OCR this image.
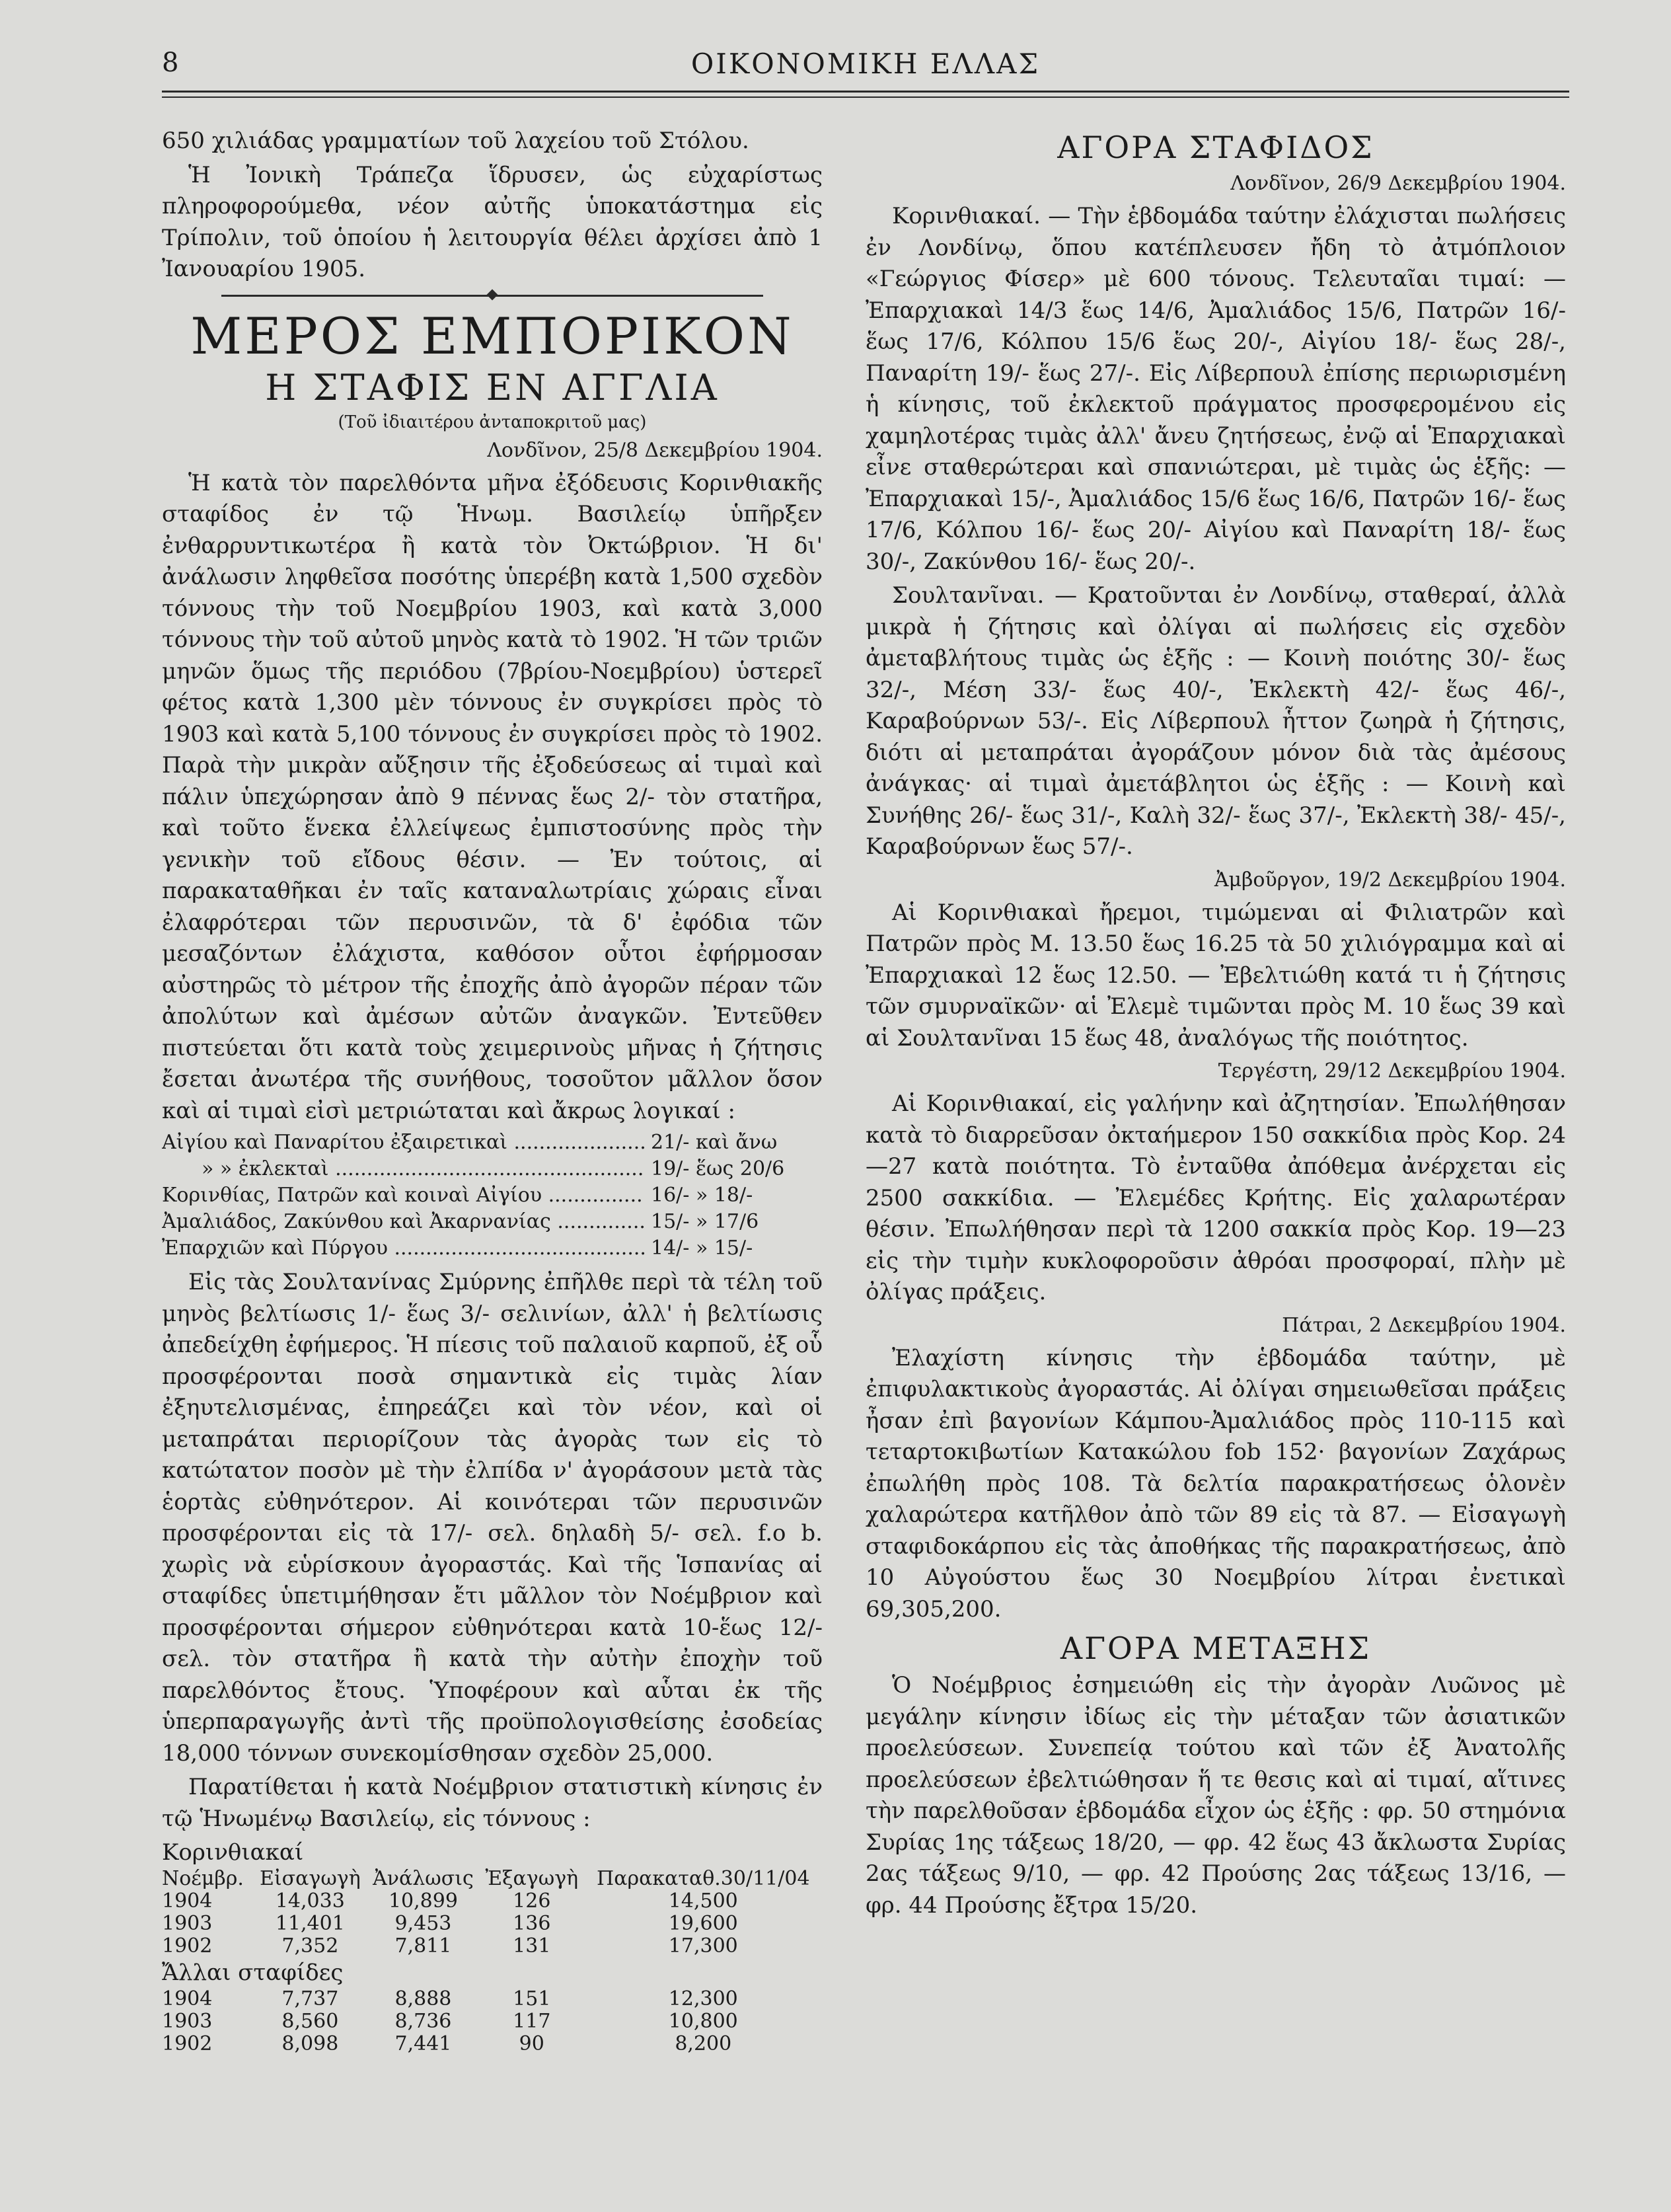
8	ΟΙΚΟΝΟΜΙΚΗ ΕΛΛΑΣ

650 χιλιάδας γραμματίων τοῦ λαχείου τοῦ Στόλου.

Ἡ Ἰονικὴ Τράπεζα ἵδρυσεν, ὡς εὐχαρίστως πληροφορούμεθα, νέον αὐτῆς ὑποκατάστημα εἰς Τρίπολιν, τοῦ ὁποίου ἡ λειτουργία θέλει ἀρχίσει ἀπὸ 1 Ἰανουαρίου 1905.

ΜΕΡΟΣ ΕΜΠΟΡΙΚΟΝ
Η ΣΤΑΦΙΣ ΕΝ ΑΓΓΛΙΑ
(Τοῦ ἰδιαιτέρου ἀνταποκριτοῦ μας)
Λονδῖνον, 25/8 Δεκεμβρίου 1904.

Ἡ κατὰ τὸν παρελθόντα μῆνα ἐξόδευσις Κορινθιακῆς σταφίδος ἐν τῷ Ἡνωμ. Βασιλείῳ ὑπῆρξεν ἐνθαρρυντικωτέρα ἢ κατὰ τὸν Ὀκτώβριον. Ἡ δι' ἀνάλωσιν ληφθεῖσα ποσότης ὑπερέβη κατὰ 1,500 σχεδὸν τόννους τὴν τοῦ Νοεμβρίου 1903, καὶ κατὰ 3,000 τόννους τὴν τοῦ αὐτοῦ μηνὸς κατὰ τὸ 1902. Ἡ τῶν τριῶν μηνῶν ὅμως τῆς περιόδου (7βρίου-Νοεμβρίου) ὑστερεῖ φέτος κατὰ 1,300 μὲν τόννους ἐν συγκρίσει πρὸς τὸ 1903 καὶ κατὰ 5,100 τόννους ἐν συγκρίσει πρὸς τὸ 1902. Παρὰ τὴν μικρὰν αὔξησιν τῆς ἐξοδεύσεως αἱ τιμαὶ καὶ πάλιν ὑπεχώρησαν ἀπὸ 9 πέννας ἕως 2/- τὸν στατῆρα, καὶ τοῦτο ἕνεκα ἐλλείψεως ἐμπιστοσύνης πρὸς τὴν γενικὴν τοῦ εἴδους θέσιν. — Ἐν τούτοις, αἱ παρακαταθῆκαι ἐν ταῖς καταναλωτρίαις χώραις εἶναι ἐλαφρότεραι τῶν περυσινῶν, τὰ δ' ἐφόδια τῶν μεσαζόντων ἐλάχιστα, καθόσον οὗτοι ἐφήρμοσαν αὐστηρῶς τὸ μέτρον τῆς ἐποχῆς ἀπὸ ἀγορῶν πέραν τῶν ἀπολύτων καὶ ἀμέσων αὐτῶν ἀναγκῶν. Ἐντεῦθεν πιστεύεται ὅτι κατὰ τοὺς χειμερινοὺς μῆνας ἡ ζήτησις ἔσεται ἀνωτέρα τῆς συνήθους, τοσοῦτον μᾶλλον ὅσον καὶ αἱ τιμαὶ εἰσὶ μετριώταται καὶ ἄκρως λογικαί :

Αἰγίου καὶ Παναρίτου ἐξαιρετικαὶ .....	21/- καὶ ἄνω
» » ἐκλεκταὶ .....	19/- ἕως 20/6
Κορινθίας, Πατρῶν καὶ κοιναὶ Αἰγίου .....	16/- » 18/-
Ἀμαλιάδος, Ζακύνθου καὶ Ἀκαρνανίας .....	15/- » 17/6
Ἐπαρχιῶν καὶ Πύργου .....	14/- » 15/-

Εἰς τὰς Σουλτανίνας Σμύρνης ἐπῆλθε περὶ τὰ τέλη τοῦ μηνὸς βελτίωσις 1/- ἕως 3/- σελινίων, ἀλλ' ἡ βελτίωσις ἀπεδείχθη ἐφήμερος. Ἡ πίεσις τοῦ παλαιοῦ καρποῦ, ἐξ οὗ προσφέρονται ποσὰ σημαντικὰ εἰς τιμὰς λίαν ἐξηυτελισμένας, ἐπηρεάζει καὶ τὸν νέον, καὶ οἱ μεταπράται περιορίζουν τὰς ἀγορὰς των εἰς τὸ κατώτατον ποσὸν μὲ τὴν ἐλπίδα ν' ἀγοράσουν μετὰ τὰς ἑορτὰς εὐθηνότερον. Αἱ κοινότεραι τῶν περυσινῶν προσφέρονται εἰς τὰ 17/- σελ. δηλαδὴ 5/- σελ. f.o b. χωρὶς νὰ εὑρίσκουν ἀγοραστάς. Καὶ τῆς Ἱσπανίας αἱ σταφίδες ὑπετιμήθησαν ἔτι μᾶλλον τὸν Νοέμβριον καὶ προσφέρονται σήμερον εὐθηνότεραι κατὰ 10-ἕως 12/- σελ. τὸν στατῆρα ἢ κατὰ τὴν αὐτὴν ἐποχὴν τοῦ παρελθόντος ἔτους. Ὑποφέρουν καὶ αὗται ἐκ τῆς ὑπερπαραγωγῆς ἀντὶ τῆς προϋπολογισθείσης ἐσοδείας 18,000 τόννων συνεκομίσθησαν σχεδὸν 25,000.

Παρατίθεται ἡ κατὰ Νοέμβριον στατιστικὴ κίνησις ἐν τῷ Ἡνωμένῳ Βασιλείῳ, εἰς τόννους :

Κορινθιακαί				
Νοέμβρ.	Εἰσαγωγὴ	Ἀνάλωσις	Ἐξαγωγὴ	Παρακαταθ.30/11/04
1904	14,033	10,899	126	14,500
1903	11,401	9,453	136	19,600
1902	7,352	7,811	131	17,300
Ἄλλαι σταφίδες				
1904	7,737	8,888	151	12,300
1903	8,560	8,736	117	10,800
1902	8,098	7,441	90	8,200
ΑΓΟΡΑ ΣΤΑΦΙΔΟΣ
Λονδῖνον, 26/9 Δεκεμβρίου 1904.

Κορινθιακαί. — Τὴν ἑβδομάδα ταύτην ἐλάχισται πωλήσεις ἐν Λονδίνῳ, ὅπου κατέπλευσεν ἤδη τὸ ἀτμόπλοιον «Γεώργιος Φίσερ» μὲ 600 τόνους. Τελευταῖαι τιμαί: — Ἐπαρχιακαὶ 14/3 ἕως 14/6, Ἀμαλιάδος 15/6, Πατρῶν 16/- ἕως 17/6, Κόλπου 15/6 ἕως 20/-, Αἰγίου 18/- ἕως 28/-, Παναρίτη 19/- ἕως 27/-. Εἰς Λίβερπουλ ἐπίσης περιωρισμένη ἡ κίνησις, τοῦ ἐκλεκτοῦ πράγματος προσφερομένου εἰς χαμηλοτέρας τιμὰς ἀλλ' ἄνευ ζητήσεως, ἐνῷ αἱ Ἐπαρχιακαὶ εἶνε σταθερώτεραι καὶ σπανιώτεραι, μὲ τιμὰς ὡς ἑξῆς: — Ἐπαρχιακαὶ 15/-, Ἀμαλιάδος 15/6 ἕως 16/6, Πατρῶν 16/- ἕως 17/6, Κόλπου 16/- ἕως 20/- Αἰγίου καὶ Παναρίτη 18/- ἕως 30/-, Ζακύνθου 16/- ἕως 20/-.

Σουλτανῖναι. — Κρατοῦνται ἐν Λονδίνῳ, σταθεραί, ἀλλὰ μικρὰ ἡ ζήτησις καὶ ὀλίγαι αἱ πωλήσεις εἰς σχεδὸν ἀμεταβλήτους τιμὰς ὡς ἑξῆς : — Κοινὴ ποιότης 30/- ἕως 32/-, Μέση 33/- ἕως 40/-, Ἐκλεκτὴ 42/- ἕως 46/-, Καραβούρνων 53/-. Εἰς Λίβερπουλ ἧττον ζωηρὰ ἡ ζήτησις, διότι αἱ μεταπράται ἀγοράζουν μόνον διὰ τὰς ἀμέσους ἀνάγκας· αἱ τιμαὶ ἀμετάβλητοι ὡς ἑξῆς : — Κοινὴ καὶ Συνήθης 26/- ἕως 31/-, Καλὴ 32/- ἕως 37/-, Ἐκλεκτὴ 38/- 45/-, Καραβούρνων ἕως 57/-.

Ἀμβοῦργον, 19/2 Δεκεμβρίου 1904.

Αἱ Κορινθιακαὶ ἤρεμοι, τιμώμεναι αἱ Φιλιατρῶν καὶ Πατρῶν πρὸς Μ. 13.50 ἕως 16.25 τὰ 50 χιλιόγραμμα καὶ αἱ Ἐπαρχιακαὶ 12 ἕως 12.50. — Ἐβελτιώθη κατά τι ἡ ζήτησις τῶν σμυρναϊκῶν· αἱ Ἐλεμὲ τιμῶνται πρὸς Μ. 10 ἕως 39 καὶ αἱ Σουλτανῖναι 15 ἕως 48, ἀναλόγως τῆς ποιότητος.

Τεργέστη, 29/12 Δεκεμβρίου 1904.

Αἱ Κορινθιακαί, εἰς γαλήνην καὶ ἀζητησίαν. Ἐπωλήθησαν κατὰ τὸ διαρρεῦσαν ὀκταήμερον 150 σακκίδια πρὸς Κορ. 24—27 κατὰ ποιότητα. Τὸ ἐνταῦθα ἀπόθεμα ἀνέρχεται εἰς 2500 σακκίδια. — Ἐλεμέδες Κρήτης. Εἰς χαλαρωτέραν θέσιν. Ἐπωλήθησαν περὶ τὰ 1200 σακκία πρὸς Κορ. 19—23 εἰς τὴν τιμὴν κυκλοφοροῦσιν ἀθρόαι προσφοραί, πλὴν μὲ ὀλίγας πράξεις.

Πάτραι, 2 Δεκεμβρίου 1904.

Ἐλαχίστη κίνησις τὴν ἑβδομάδα ταύτην, μὲ ἐπιφυλακτικοὺς ἀγοραστάς. Αἱ ὀλίγαι σημειωθεῖσαι πράξεις ἦσαν ἐπὶ βαγονίων Κάμπου-Ἀμαλιάδος πρὸς 110-115 καὶ τεταρτοκιβωτίων Κατακώλου fob 152· βαγονίων Ζαχάρως ἐπωλήθη πρὸς 108. Τὰ δελτία παρακρατήσεως ὁλονὲν χαλαρώτερα κατῆλθον ἀπὸ τῶν 89 εἰς τὰ 87. — Εἰσαγωγὴ σταφιδοκάρπου εἰς τὰς ἀποθήκας τῆς παρακρατήσεως, ἀπὸ 10 Αὐγούστου ἕως 30 Νοεμβρίου λίτραι ἐνετικαὶ 69,305,200.

ΑΓΟΡΑ ΜΕΤΑΞΗΣ

Ὁ Νοέμβριος ἐσημειώθη εἰς τὴν ἀγορὰν Λυῶνος μὲ μεγάλην κίνησιν ἰδίως εἰς τὴν μέταξαν τῶν ἀσιατικῶν προελεύσεων. Συνεπείᾳ τούτου καὶ τῶν ἐξ Ἀνατολῆς προελεύσεων ἐβελτιώθησαν ἥ τε θεσις καὶ αἱ τιμαί, αἵτινες τὴν παρελθοῦσαν ἑβδομάδα εἶχον ὡς ἑξῆς : φρ. 50 στημόνια Συρίας 1ης τάξεως 18/20, — φρ. 42 ἕως 43 ἄκλωστα Συρίας 2ας τάξεως 9/10, — φρ. 42 Προύσης 2ας τάξεως 13/16, — φρ. 44 Προύσης ἔξτρα 15/20.
